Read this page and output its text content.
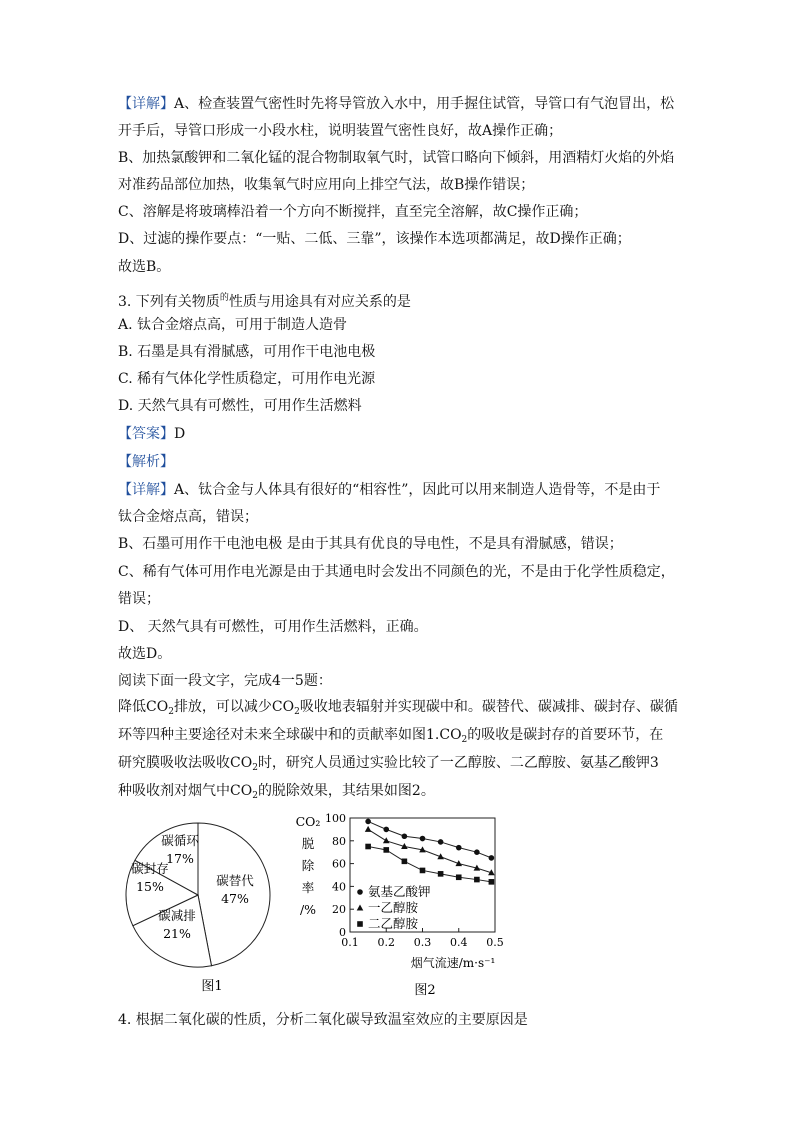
【详解】A、检查装置气密性时先将导管放入水中，用手握住试管，导管口有气泡冒出，松
开手后，导管口形成一小段水柱，说明装置气密性良好，故A操作正确；
B、加热氯酸钾和二氧化锰的混合物制取氧气时，试管口略向下倾斜，用酒精灯火焰的外焰
对准药品部位加热，收集氧气时应用向上排空气法，故B操作错误；
C、溶解是将玻璃棒沿着一个方向不断搅拌，直至完全溶解，故C操作正确；
D、过滤的操作要点：“一贴、二低、三靠”，该操作本选项都满足，故D操作正确；
故选B。
3. 下列有关物质$^的$性质与用途具有对应关系的是
A. 钛合金熔点高，可用于制造人造骨
B. 石墨是具有滑腻感，可用作干电池电极
C. 稀有气体化学性质稳定，可用作电光源
D. 天然气具有可燃性，可用作生活燃料
【答案】D
【解析】
【详解】A、钛合金与人体具有很好的“相容性”，因此可以用来制造人造骨等，不是由于
钛合金熔点高，错误；
B、石墨可用作干电池电极 是由于其具有优良的导电性，不是具有滑腻感，错误；
C、稀有气体可用作电光源是由于其通电时会发出不同颜色的光，不是由于化学性质稳定，
错误；
D、 天然气具有可燃性，可用作生活燃料，正确。
故选D。
阅读下面一段文字，完成4一5题：
降低$CO_2$排放，可以减少$CO_2$吸收地表辐射并实现碳中和。碳替代、碳减排、碳封存、碳循
环等四种主要途径对未来全球碳中和的贡献率如图$1.CO_2$的吸收是碳封存的首要环节，在
研究膜吸收法吸收$CO_2$时，研究人员通过实验比较了一乙醇胺、二乙醇胺、氨基乙酸钾3
种吸收剂对烟气中$CO_2$的脱除效果，其结果如图2。
碳替代
47%
碳减排
21%
碳封存
15%
碳循环
17%
图1
CO₂
脱
除
率
/%
0
20
40
60
80
100
0.1 0.2 0.3 0.4 0.5
氨基乙酸钾
一乙醇胺
二乙醇胺
烟气流速/m·s⁻¹
图2
4. 根据二氧化碳的性质，分析二氧化碳导致温室效应的主要原因是
